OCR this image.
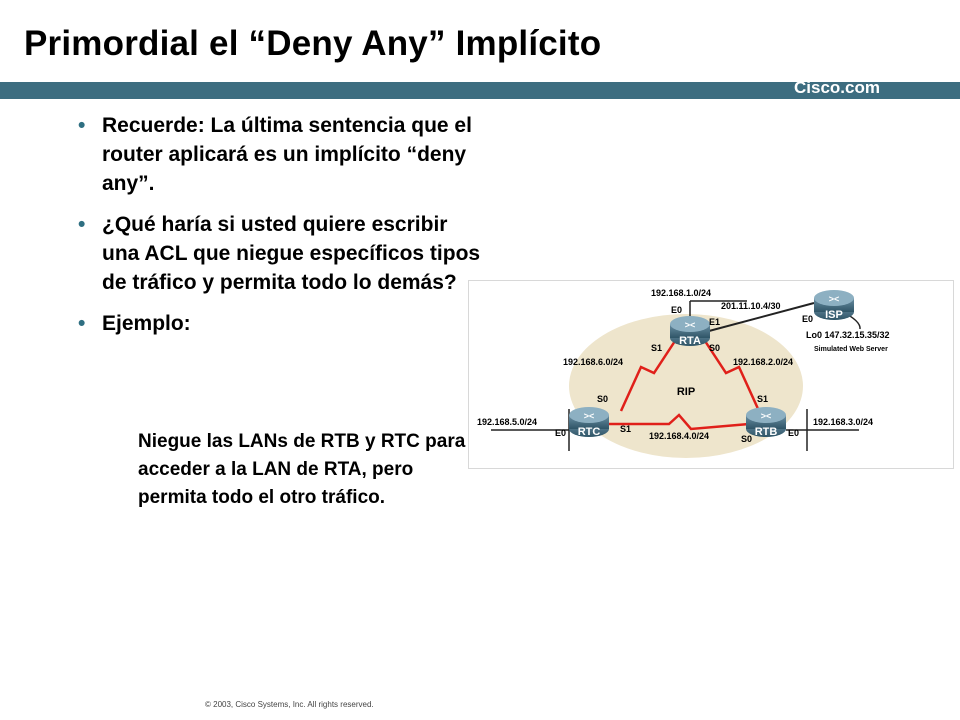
Primordial el “Deny Any” Implícito
Cisco.com
• Recuerde: La última sentencia que el router aplicará es un implícito “deny any”.
• ¿Qué haría si usted quiere escribir una ACL que niegue específicos tipos de tráfico y permita todo lo demás?
• Ejemplo:
Niegue las LANs de RTB y RTC para acceder a la LAN de RTA, pero permita todo el otro tráfico.
><
RTA
><
ISP
><
RTC
><
RTB
192.168.1.0/24
201.11.10.4/30
192.168.6.0/24	192.168.2.0/24
192.168.5.0/24	192.168.3.0/24
192.168.4.0/24
Lo0 147.32.15.35/32
Simulated Web Server
RIP
E0
E1
S1	S0
E0
S0
S1
E0
S1
S0
E0
© 2003, Cisco Systems, Inc. All rights reserved.
